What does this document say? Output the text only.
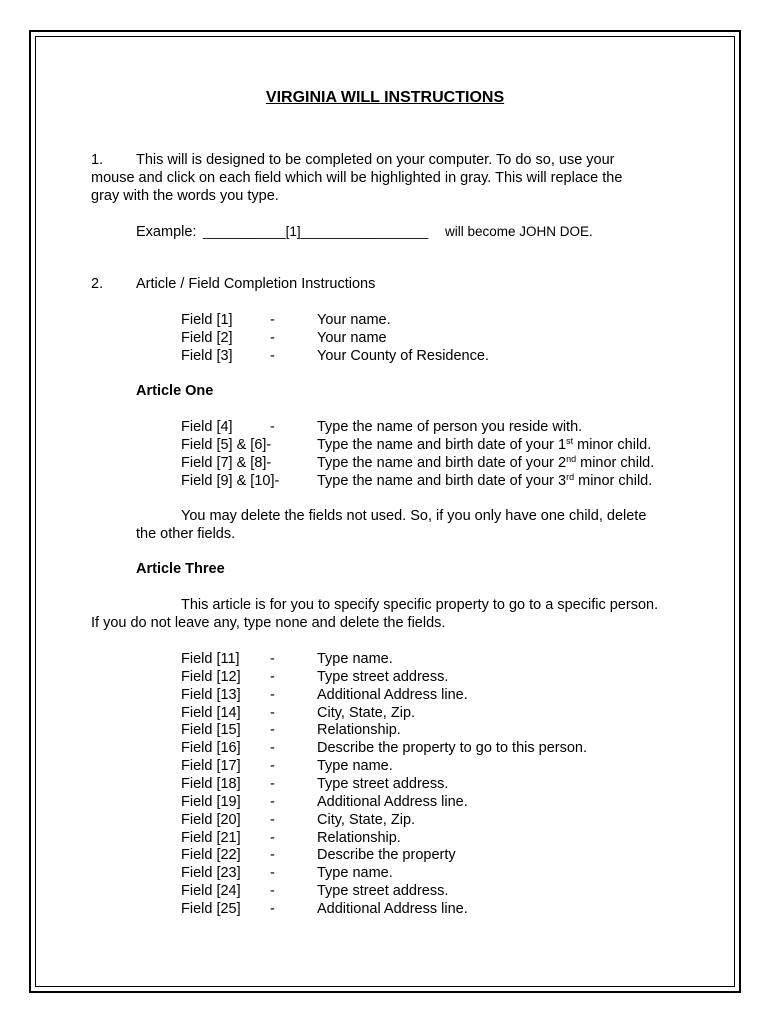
VIRGINIA WILL INSTRUCTIONS
1. This will is designed to be completed on your computer. To do so, use your
mouse and click on each field which will be highlighted in gray. This will replace the
gray with the words you type.
Example: ___________[1]_________________ will become JOHN DOE.
2. Article / Field Completion Instructions
Field [1]	-	Your name.
Field [2]	-	Your name
Field [3]	-	Your County of Residence.
Article One
Field [4]	-	Type the name of person you reside with.
Field [5] & [6]-	Type the name and birth date of your 1st minor child.
Field [7] & [8]-	Type the name and birth date of your 2nd minor child.
Field [9] & [10]-	Type the name and birth date of your 3rd minor child.
You may delete the fields not used. So, if you only have one child, delete
the other fields.
Article Three
This article is for you to specify specific property to go to a specific person.
If you do not leave any, type none and delete the fields.
Field [11] -	Type name.
Field [12] -	Type street address.
Field [13] -	Additional Address line.
Field [14] -	City, State, Zip.
Field [15] -	Relationship.
Field [16] -	Describe the property to go to this person.
Field [17] -	Type name.
Field [18] -	Type street address.
Field [19] -	Additional Address line.
Field [20] -	City, State, Zip.
Field [21] -	Relationship.
Field [22] -	Describe the property
Field [23] -	Type name.
Field [24] -	Type street address.
Field [25] -	Additional Address line.
